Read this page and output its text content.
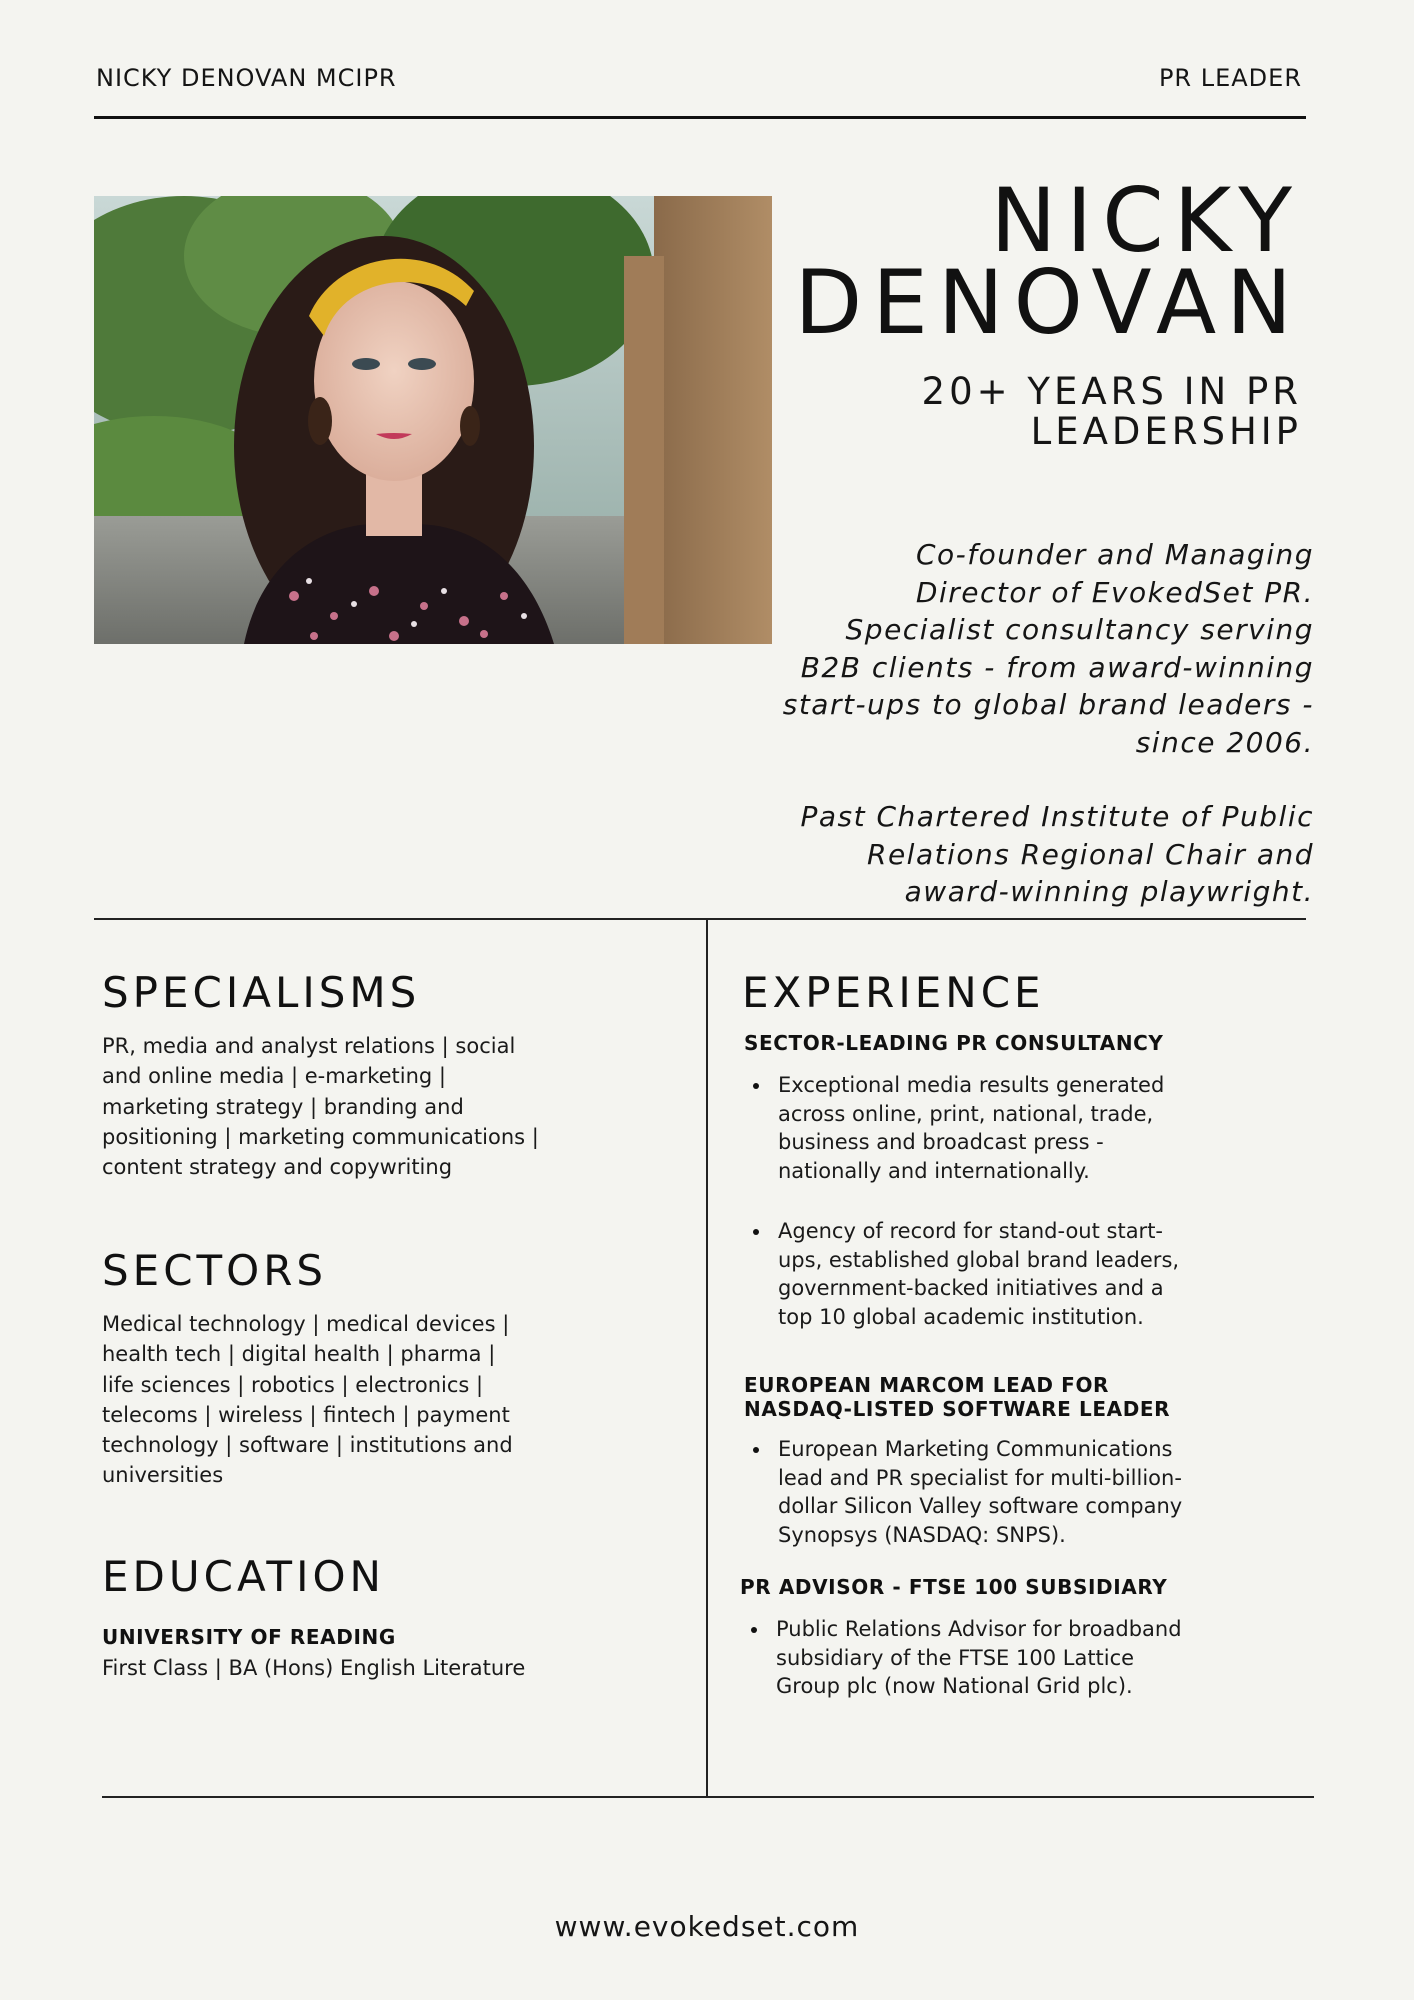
NICKY DENOVAN MCIPR	PR LEADER
NICKY
DENOVAN
20+ YEARS IN PR
LEADERSHIP

Co-founder and Managing
Director of EvokedSet PR.
Specialist consultancy serving
B2B clients - from award-winning
start-ups to global brand leaders -
since 2006.

Past Chartered Institute of Public
Relations Regional Chair and
award-winning playwright.

SPECIALISMS
PR, media and analyst relations | social
and online media | e-marketing |
marketing strategy | branding and
positioning | marketing communications |
content strategy and copywriting
SECTORS
Medical technology | medical devices |
health tech | digital health | pharma |
life sciences | robotics | electronics |
telecoms | wireless | fintech | payment
technology | software | institutions and
universities
EDUCATION
UNIVERSITY OF READING
First Class | BA (Hons) English Literature
EXPERIENCE
SECTOR-LEADING PR CONSULTANCY
Exceptional media results generated
across online, print, national, trade,
business and broadcast press -
nationally and internationally.
Agency of record for stand-out start-
ups, established global brand leaders,
government-backed initiatives and a
top 10 global academic institution.
EUROPEAN MARCOM LEAD FOR
NASDAQ-LISTED SOFTWARE LEADER
European Marketing Communications
lead and PR specialist for multi-billion-
dollar Silicon Valley software company
Synopsys (NASDAQ: SNPS).
PR ADVISOR - FTSE 100 SUBSIDIARY
Public Relations Advisor for broadband
subsidiary of the FTSE 100 Lattice
Group plc (now National Grid plc).
www.evokedset.com
